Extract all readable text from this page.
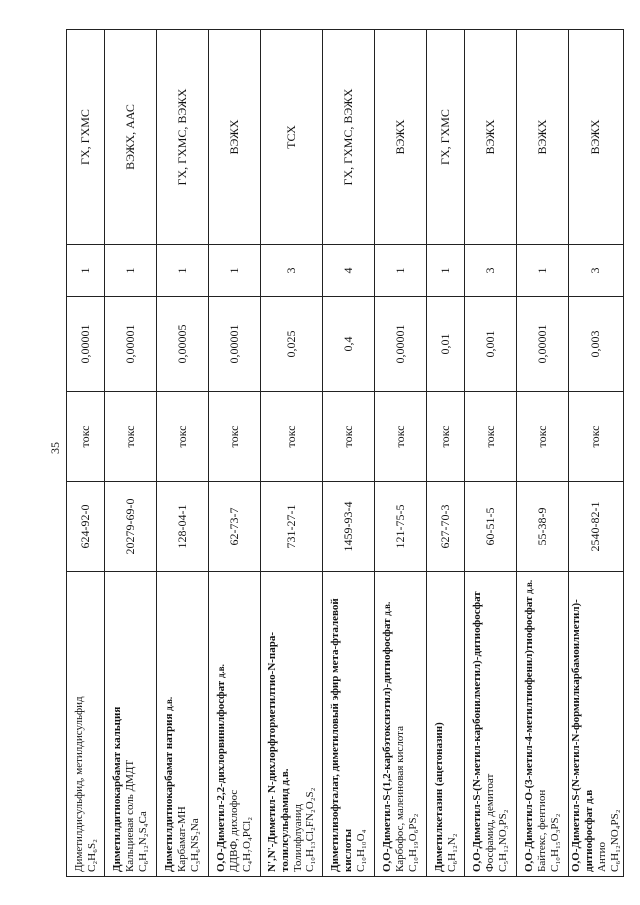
35
Диметилдисульфид, метилдисульфид C₂H₆S₂	624-92-0	токс	0,00001	1	ГХ, ГХМС

Диметилдитиокарбамат кальция Кальциевая соль ДМДТ C₆H₁₂N₂S₄Ca	20279-69-0	токс	0,00001	1	ВЭЖХ, ААС

Диметилдитиокарбамат натрия д.в.
Карбамат-МН C₃H₆NS₂Na	128-04-1	токс	0,00005	1	ГХ, ГХМС, ВЭЖХ

O,O-Диметил-2,2-дихлорвинилфосфат д.в.
ДДВФ, дихлофос C₄H₇O₄PCl₂	62-73-7	токс	0,00001	1	ВЭЖХ

N',N'-Диметил- N-дихлорфторметилтио-N-пара- толилсульфамид д.в. Толилфлуанид C₁₀H₁₃Cl₂FN₂O₂S₂	731-27-1	токс	0,025	3	ТСХ

Диметилизофталат, диметиловый эфир мета-фталевой кислоты C₁₀H₁₀O₄	1459-93-4	токс	0,4	4	ГХ, ГХМС, ВЭЖХ

O,O-Диметил-S-(1,2-карбэтоксиэтил)-дитиофосфат д.в.
Карбофос, малеиновая кислота C₁₀H₁₉O₆PS₂	121-75-5	токс	0,00001	1	ВЭЖХ

Диметилкетазин (ацетоназин) C₆H₁₂N₂	627-70-3	токс	0,01	1	ГХ, ГХМС

O,O-Диметил-S-(N-метил-карбонилметил)-дитиофосфат Фосфамид, демитоат C₅H₁₂NO₃PS₂	60-51-5	токс	0,001	3	ВЭЖХ

O,O-Диметил-O-(3-метил-4-метилтиофенил)тиофосфат д.в.
Байтекс, фентион C₁₀H₁₅O₃PS₂	55-38-9	токс	0,00001	1	ВЭЖХ

O,O-Диметил-S-(N-метил-N-формилкарбамоилметил)- дитиофосфат д.в Антио C₆H₁₂NO₄PS₂	2540-82-1	токс	0,003	3	ВЭЖХ
